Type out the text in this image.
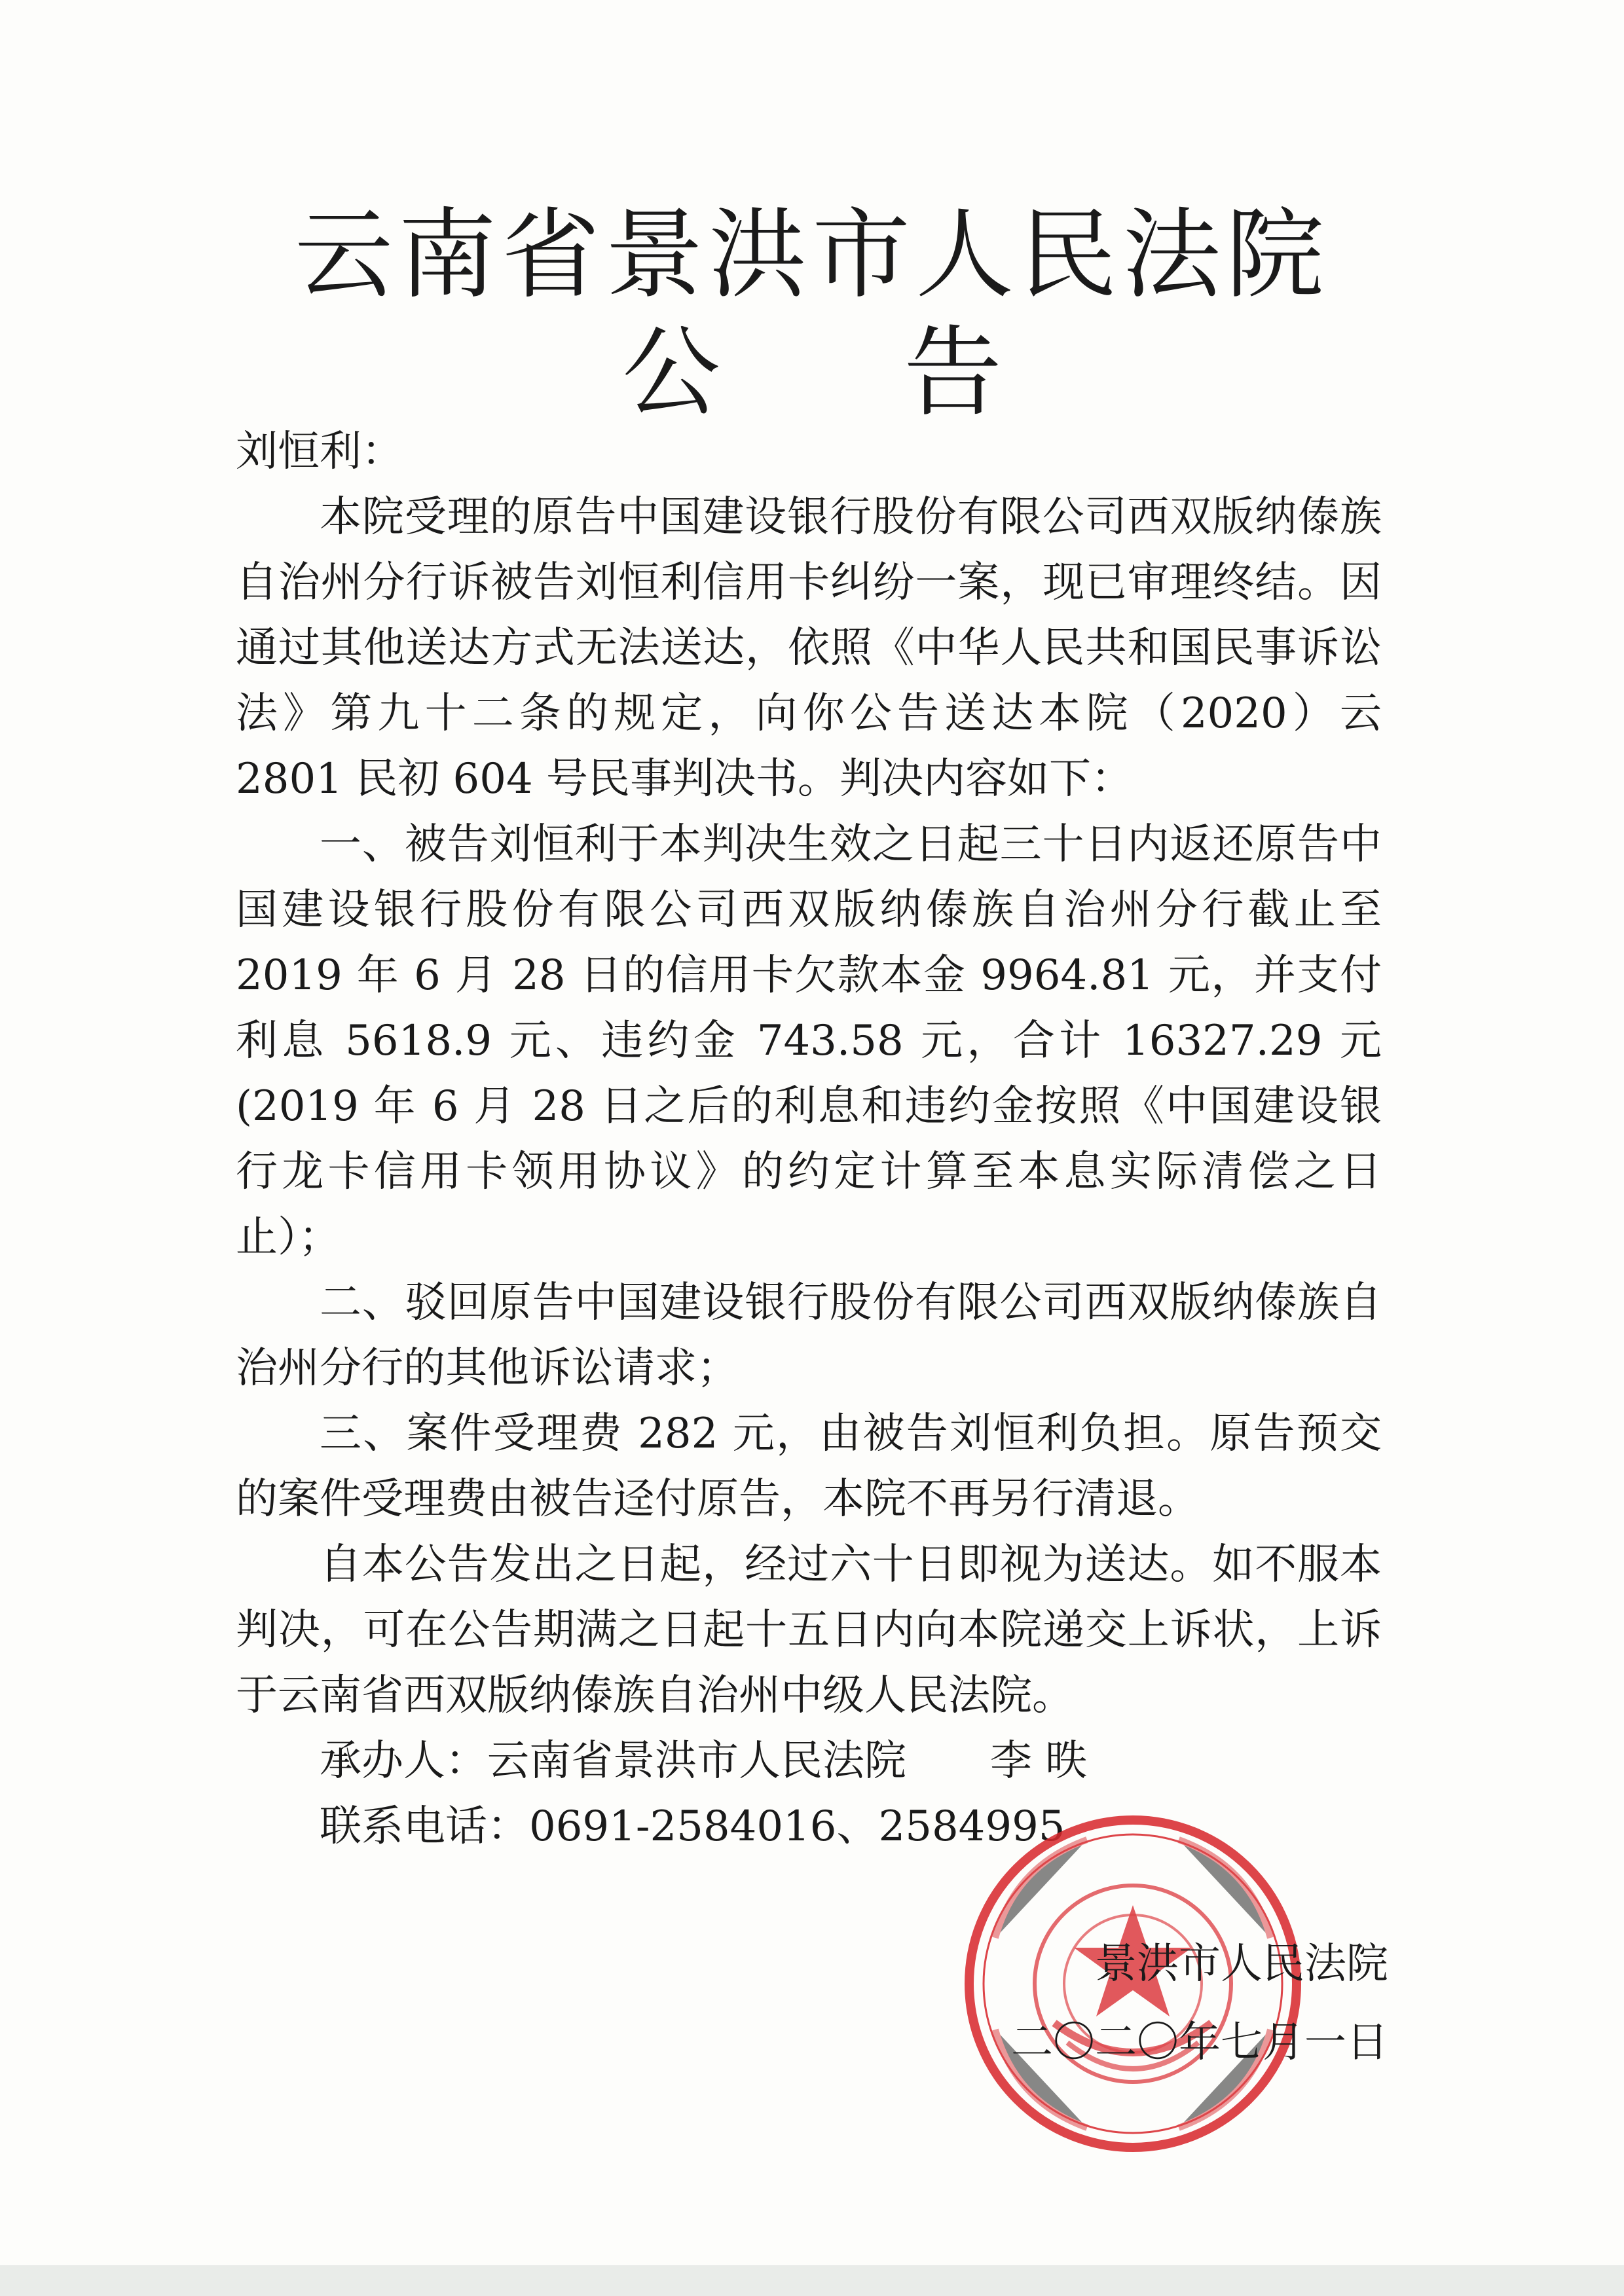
云南省景洪市人民法院
公告

刘恒利：

本院受理的原告中国建设银行股份有限公司西双版纳傣族自治州分行诉被告刘恒利信用卡纠纷一案，现已审理终结。因通过其他送达方式无法送达，依照《中华人民共和国民事诉讼法》第九十二条的规定，向你公告送达本院（2020）云 2801 民初 604 号民事判决书。判决内容如下：

一、被告刘恒利于本判决生效之日起三十日内返还原告中国建设银行股份有限公司西双版纳傣族自治州分行截止至 2019 年 6 月 28 日的信用卡欠款本金 9964.81 元，并支付利息 5618.9 元、违约金 743.58 元，合计 16327.29 元(2019 年 6 月 28 日之后的利息和违约金按照《中国建设银行龙卡信用卡领用协议》的约定计算至本息实际清偿之日止）；

二、驳回原告中国建设银行股份有限公司西双版纳傣族自治州分行的其他诉讼请求；

三、案件受理费 282 元，由被告刘恒利负担。原告预交的案件受理费由被告迳付原告，本院不再另行清退。

自本公告发出之日起，经过六十日即视为送达。如不服本判决，可在公告期满之日起十五日内向本院递交上诉状，上诉于云南省西双版纳傣族自治州中级人民法院。

承办人：云南省景洪市人民法院　　李 昳

联系电话：0691-2584016、2584995

景洪市人民法院
二〇二〇年七月一日
